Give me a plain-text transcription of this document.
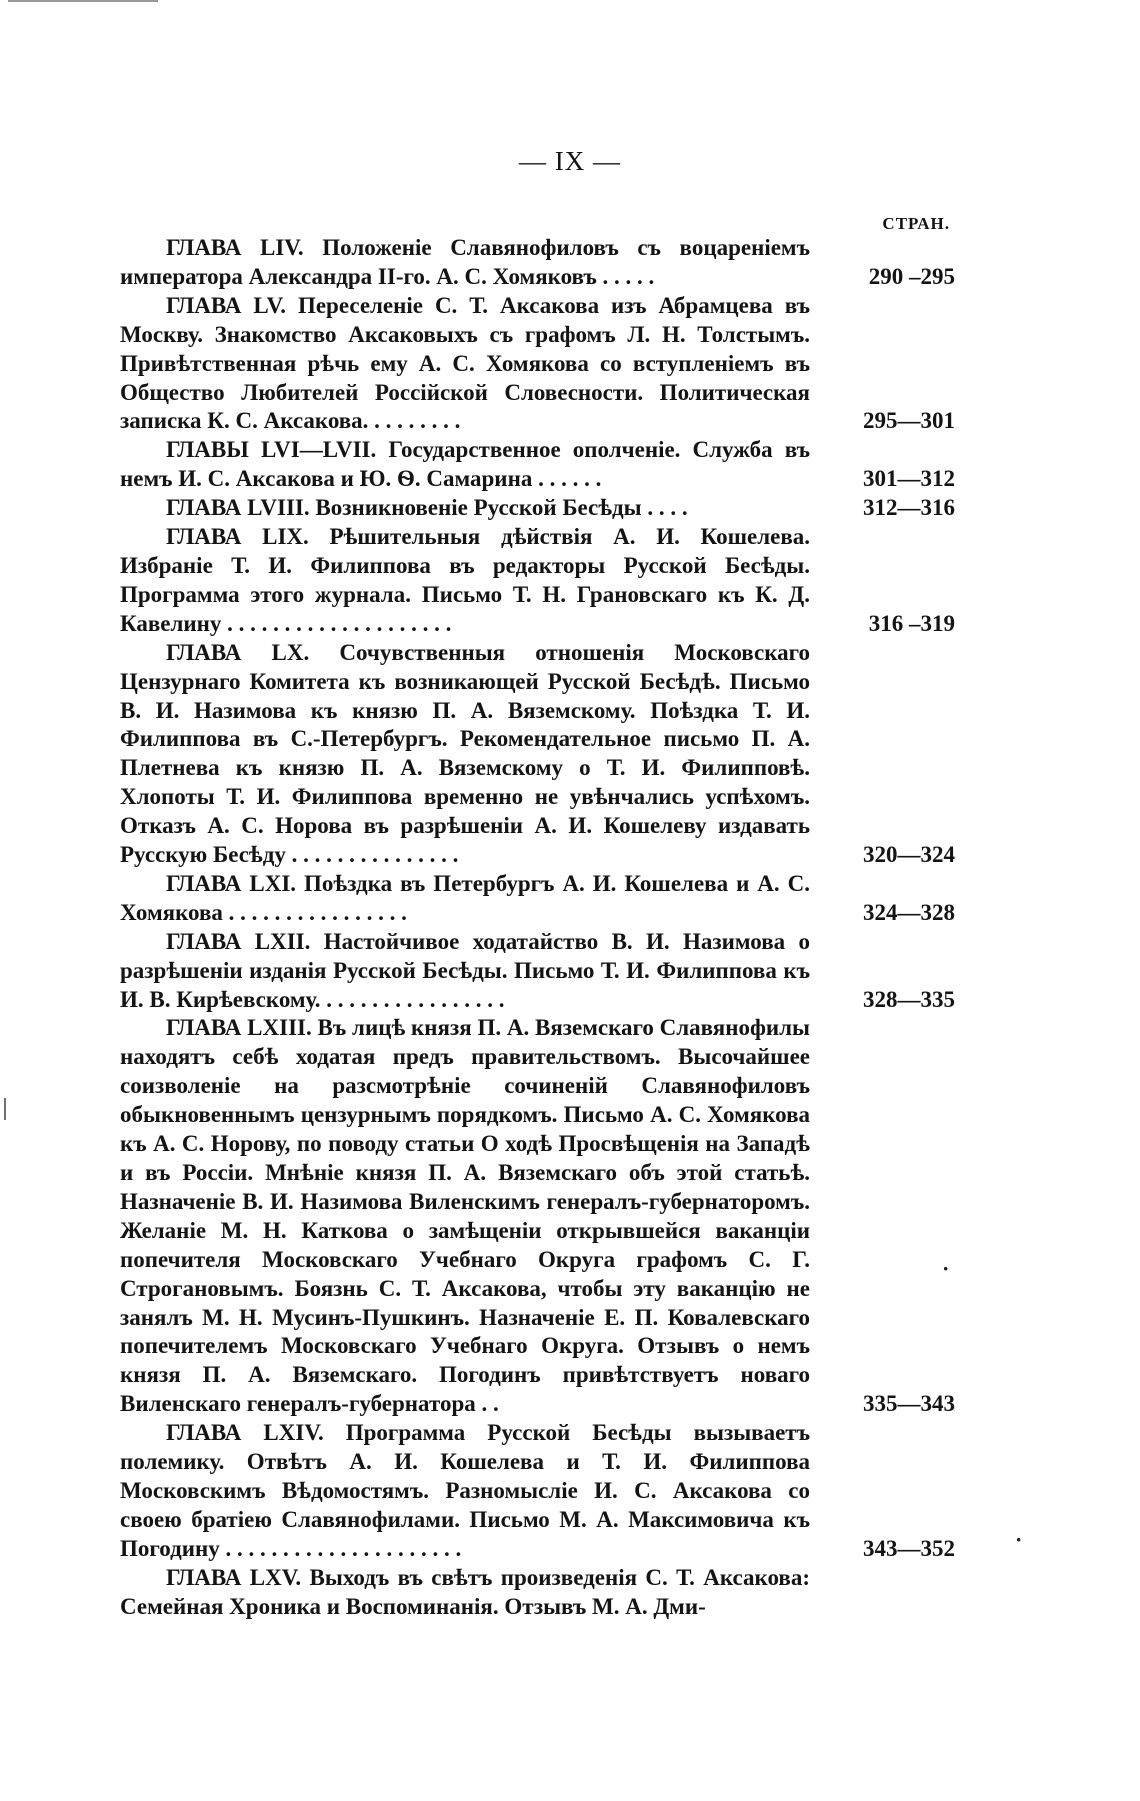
— IX —
СТРАН.
ГЛАВА LIV. Положеніе Славянофиловъ съ воцареніемъ императора Александра II-го. А. С. Хомяковъ . . . . .	290 –295
ГЛАВА LV. Переселеніе С. Т. Аксакова изъ Абрамцева въ Москву. Знакомство Аксаковыхъ съ графомъ Л. Н. Толстымъ. Привѣтственная рѣчь ему А. С. Хомякова со вступленіемъ въ Общество Любителей Россійской Словесности. Политическая записка К. С. Аксакова. . . . . . . . .	295—301
ГЛАВЫ LVI—LVII. Государственное ополченіе. Служба въ немъ И. С. Аксакова и Ю. Ѳ. Самарина . . . . . .	301—312
ГЛАВА LVIII. Возникновеніе Русской Бесѣды . . . .	312—316
ГЛАВА LIX. Рѣшительныя дѣйствія А. И. Кошелева. Избраніе Т. И. Филиппова въ редакторы Русской Бесѣды. Программа этого журнала. Письмо Т. Н. Грановскаго къ К. Д. Кавелину . . . . . . . . . . . . . . . . . . . .	316 –319
ГЛАВА LX. Сочувственныя отношенія Московскаго Цензурнаго Комитета къ возникающей Русской Бесѣдѣ. Письмо В. И. Назимова къ князю П. А. Вяземскому. Поѣздка Т. И. Филиппова въ С.-Петербургъ. Рекомендательное письмо П. А. Плетнева къ князю П. А. Вяземскому о Т. И. Филипповѣ. Хлопоты Т. И. Филиппова временно не увѣнчались успѣхомъ. Отказъ А. С. Норова въ разрѣшеніи А. И. Кошелеву издавать Русскую Бесѣду . . . . . . . . . . . . . . .	320—324
ГЛАВА LXI. Поѣздка въ Петербургъ А. И. Кошелева и А. С. Хомякова . . . . . . . . . . . . . . . .	324—328
ГЛАВА LXII. Настойчивое ходатайство В. И. Назимова о разрѣшеніи изданія Русской Бесѣды. Письмо Т. И. Филиппова къ И. В. Кирѣевскому. . . . . . . . . . . . . . . . .	328—335
ГЛАВА LXIII. Въ лицѣ князя П. А. Вяземскаго Славянофилы находятъ себѣ ходатая предъ правительствомъ. Высочайшее соизволеніе на разсмотрѣніе сочиненій Славянофиловъ обыкновеннымъ цензурнымъ порядкомъ. Письмо А. С. Хомякова къ А. С. Норову, по поводу статьи О ходѣ Просвѣщенія на Западѣ и въ Россіи. Мнѣніе князя П. А. Вяземскаго объ этой статьѣ. Назначеніе В. И. Назимова Виленскимъ генералъ-губернаторомъ. Желаніе М. Н. Каткова о замѣщеніи открывшейся ваканціи попечителя Московскаго Учебнаго Округа графомъ С. Г. Строгановымъ. Боязнь С. Т. Аксакова, чтобы эту ваканцію не занялъ М. Н. Мусинъ-Пушкинъ. Назначеніе Е. П. Ковалевскаго попечителемъ Московскаго Учебнаго Округа. Отзывъ о немъ князя П. А. Вяземскаго. Погодинъ привѣтствуетъ новаго Виленскаго генералъ-губернатора . .	335—343
ГЛАВА LXIV. Программа Русской Бесѣды вызываетъ полемику. Отвѣтъ А. И. Кошелева и Т. И. Филиппова Московскимъ Вѣдомостямъ. Разномысліе И. С. Аксакова со своею братіею Славянофилами. Письмо М. А. Максимовича къ Погодину . . . . . . . . . . . . . . . . . . . . .	343—352
ГЛАВА LXV. Выходъ въ свѣтъ произведенія С. Т. Аксакова: Семейная Хроника и Воспоминанія. Отзывъ М. А. Дми-
·
·
